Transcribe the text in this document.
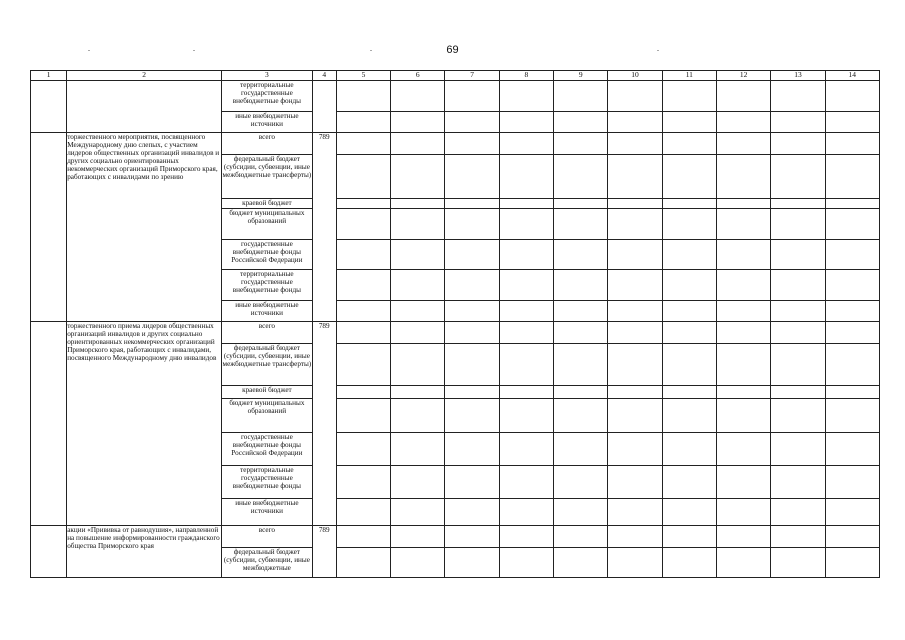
69
1	2	3	4	5	6	7	8	9	10	11	12	13	14
		территориальные государственные внебюджетные фонды											
		иные внебюджетные источники											
	торжественного мероприятия, посвященного Международному дню слепых, с участием лидеров общественных организаций инвалидов и других социально ориентированных некоммерческих организаций Приморского края, работающих с инвалидами по зрению	всего	789										
		федеральный бюджет (субсидии, субвенции, иные межбюджетные трансферты)											
		краевой бюджет											
		бюджет муниципальных образований											
		государственные внебюджетные фонды Российской Федерации											
		территориальные государственные внебюджетные фонды											
		иные внебюджетные источники											
	торжественного приема лидеров общественных организаций инвалидов и других социально ориентированных некоммерческих организаций Приморского края, работающих с инвалидами, посвященного Международному дню инвалидов	всего	789										
		федеральный бюджет (субсидии, субвенции, иные межбюджетные трансферты)											
		краевой бюджет											
		бюджет муниципальных образований											
		государственные внебюджетные фонды Российской Федерации											
		территориальные государственные внебюджетные фонды											
		иные внебюджетные источники											
	акции «Прививка от равнодушия», направленной на повышение информированности гражданского общества Приморского края	всего	789										
		федеральный бюджет (субсидии, субвенции, иные межбюджетные											
